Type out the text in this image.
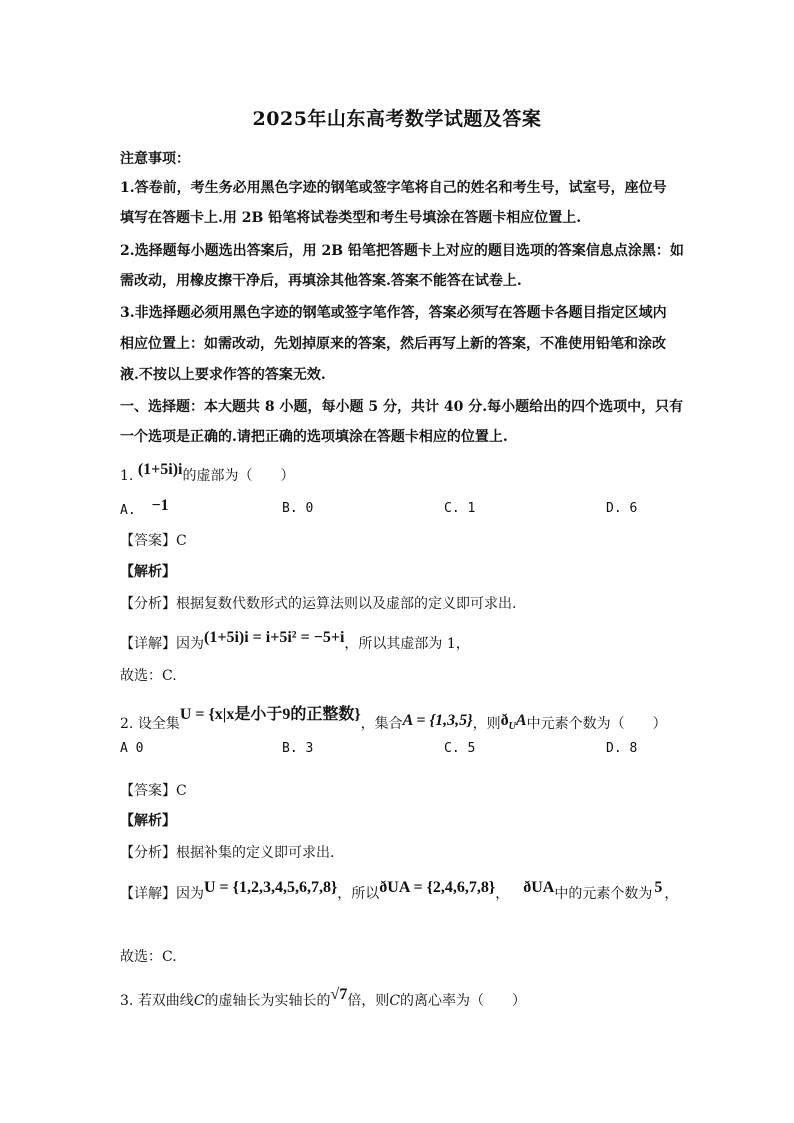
2025年山东高考数学试题及答案
注意事项：
1.答卷前，考生务必用黑色字迹的钢笔或签字笔将自己的姓名和考生号，试室号，座位号
填写在答题卡上.用 2B 铅笔将试卷类型和考生号填涂在答题卡相应位置上.
2.选择题每小题选出答案后，用 2B 铅笔把答题卡上对应的题目选项的答案信息点涂黑：如
需改动，用橡皮擦干净后，再填涂其他答案.答案不能答在试卷上.
3.非选择题必须用黑色字迹的钢笔或签字笔作答，答案必须写在答题卡各题目指定区域内
相应位置上：如需改动，先划掉原来的答案，然后再写上新的答案，不准使用铅笔和涂改
液.不按以上要求作答的答案无效.
一、选择题：本大题共 8 小题，每小题 5 分，共计 40 分.每小题给出的四个选项中，只有
一个选项是正确的.请把正确的选项填涂在答题卡相应的位置上.
1. (1+5i)i的虚部为（　　）
A. −1	B. 0	C. 1	D. 6
【答案】C
【解析】
【分析】根据复数代数形式的运算法则以及虚部的定义即可求出.
【详解】因为(1+5i)i = i+5i² = −5+i，所以其虚部为 1，
故选：C.
2. 设全集U = {x|x是小于9的正整数}，集合A = {1,3,5}，则$ð_UA$中元素个数为（　　）
A 0	B. 3	C. 5	D. 8
【答案】C
【解析】
【分析】根据补集的定义即可求出.
【详解】因为U = {1,2,3,4,5,6,7,8}，所以ðUA = {2,4,6,7,8}， ðUA中的元素个数为 5 ，
故选：C.
3. 若双曲线C的虚轴长为实轴长的√7倍，则C的离心率为（　　）
